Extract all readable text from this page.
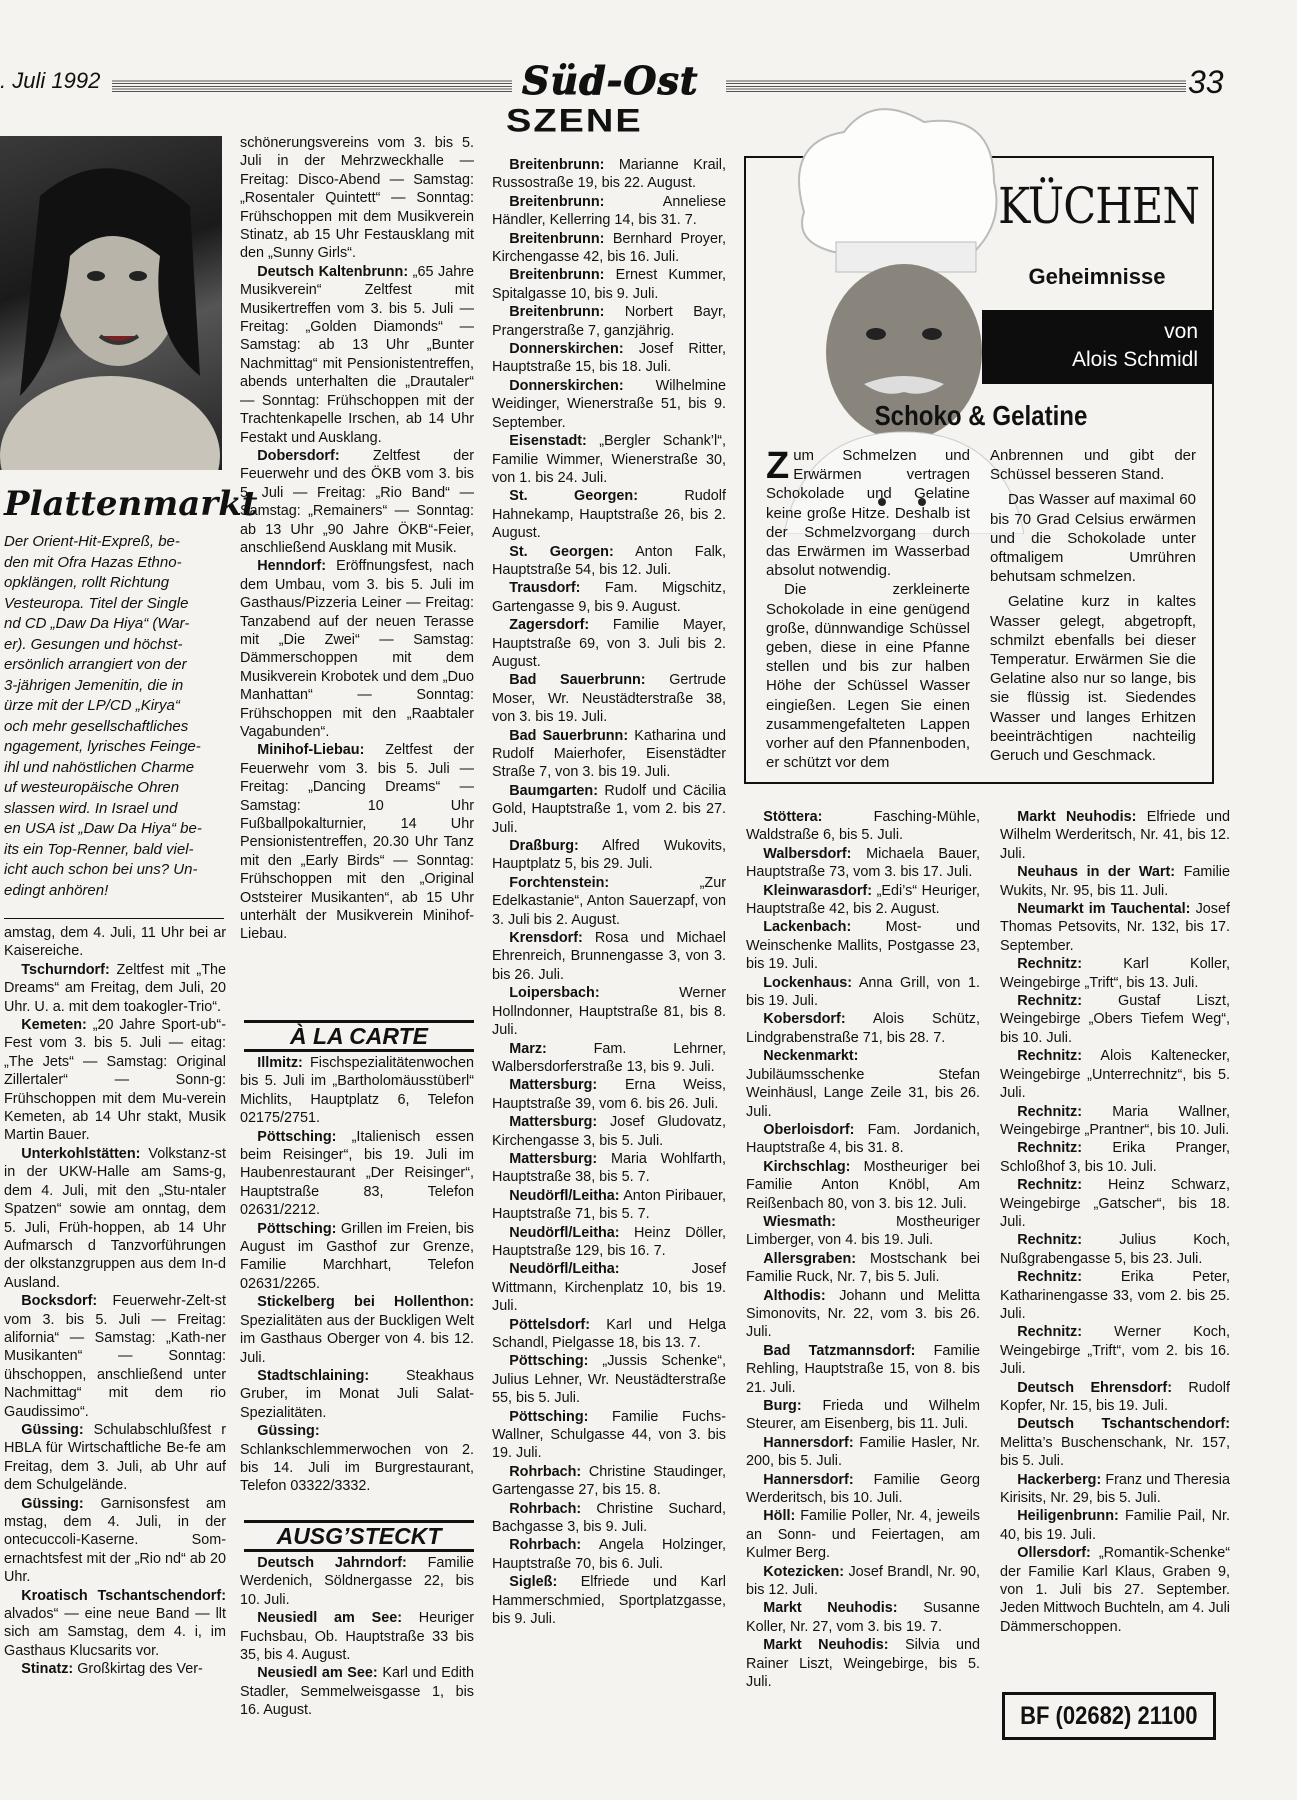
. Juli 1992	Süd-Ost
SZENE
33
Plattenmarkt
Der Orient-Hit-Expreß, be-
den mit Ofra Hazas Ethno-
opklängen, rollt Richtung
Vesteuropa. Titel der Single
nd CD „Daw Da Hiya“ (War-
er). Gesungen und höchst-
ersönlich arrangiert von der
3-jährigen Jemenitin, die in
ürze mit der LP/CD „Kirya“
och mehr gesellschaftliches
ngagement, lyrisches Feinge-
ihl und nahöstlichen Charme
uf westeuropäische Ohren
slassen wird. In Israel und
en USA ist „Daw Da Hiya“ be-
its ein Top-Renner, bald viel-
icht auch schon bei uns? Un-
edingt anhören!

amstag, dem 4. Juli, 11 Uhr bei ar Kaisereiche.

Tschurndorf: Zeltfest mit „The Dreams“ am Freitag, dem Juli, 20 Uhr. U. a. mit dem toakogler-Trio“.

Kemeten: „20 Jahre Sport-ub“-Fest vom 3. bis 5. Juli — eitag: „The Jets“ — Samstag: Original Zillertaler“ — Sonn-g: Frühschoppen mit dem Mu-verein Kemeten, ab 14 Uhr stakt, Musik Martin Bauer.

Unterkohlstätten: Volkstanz-st in der UKW-Halle am Sams-g, dem 4. Juli, mit den „Stu-ntaler Spatzen“ sowie am onntag, dem 5. Juli, Früh-hoppen, ab 14 Uhr Aufmarsch d Tanzvorführungen der olkstanzgruppen aus dem In-d Ausland.

Bocksdorf: Feuerwehr-Zelt-st vom 3. bis 5. Juli — Freitag: alifornia“ — Samstag: „Kath-ner Musikanten“ — Sonntag: ühschoppen, anschließend unter Nachmittag“ mit dem rio Gaudissimo“.

Güssing: Schulabschlußfest r HBLA für Wirtschaftliche Be-fe am Freitag, dem 3. Juli, ab Uhr auf dem Schulgelände.

Güssing: Garnisonsfest am mstag, dem 4. Juli, in der ontecuccoli-Kaserne. Som-ernachtsfest mit der „Rio nd“ ab 20 Uhr.

Kroatisch Tschantschendorf: alvados“ — eine neue Band — llt sich am Samstag, dem 4. i, im Gasthaus Klucsarits vor.

Stinatz: Großkirtag des Ver-

schönerungsvereins vom 3. bis 5. Juli in der Mehrzweckhalle — Freitag: Disco-Abend — Samstag: „Rosentaler Quintett“ — Sonntag: Frühschoppen mit dem Musikverein Stinatz, ab 15 Uhr Festausklang mit den „Sunny Girls“.

Deutsch Kaltenbrunn: „65 Jahre Musikverein“ Zeltfest mit Musikertreffen vom 3. bis 5. Juli — Freitag: „Golden Diamonds“ — Samstag: ab 13 Uhr „Bunter Nachmittag“ mit Pensionistentreffen, abends unterhalten die „Drautaler“ — Sonntag: Frühschoppen mit der Trachtenkapelle Irschen, ab 14 Uhr Festakt und Ausklang.

Dobersdorf: Zeltfest der Feuerwehr und des ÖKB vom 3. bis 5. Juli — Freitag: „Rio Band“ — Samstag: „Remainers“ — Sonntag: ab 13 Uhr „90 Jahre ÖKB“-Feier, anschließend Ausklang mit Musik.

Henndorf: Eröffnungsfest, nach dem Umbau, vom 3. bis 5. Juli im Gasthaus/Pizzeria Leiner — Freitag: Tanzabend auf der neuen Terasse mit „Die Zwei“ — Samstag: Dämmerschoppen mit dem Musikverein Krobotek und dem „Duo Manhattan“ — Sonntag: Frühschoppen mit den „Raabtaler Vagabunden“.

Minihof-Liebau: Zeltfest der Feuerwehr vom 3. bis 5. Juli — Freitag: „Dancing Dreams“ — Samstag: 10 Uhr Fußballpokalturnier, 14 Uhr Pensionistentreffen, 20.30 Uhr Tanz mit den „Early Birds“ — Sonntag: Frühschoppen mit den „Original Oststeirer Musikanten“, ab 15 Uhr unterhält der Musikverein Minihof-Liebau.

À LA CARTE

Illmitz: Fischspezialitätenwochen bis 5. Juli im „Bartholomäusstüberl“ Michlits, Hauptplatz 6, Telefon 02175/2751.

Pöttsching: „Italienisch essen beim Reisinger“, bis 19. Juli im Haubenrestaurant „Der Reisinger“, Hauptstraße 83, Telefon 02631/2212.

Pöttsching: Grillen im Freien, bis August im Gasthof zur Grenze, Familie Marchhart, Telefon 02631/2265.

Stickelberg bei Hollenthon: Spezialitäten aus der Buckligen Welt im Gasthaus Oberger von 4. bis 12. Juli.

Stadtschlaining:	Steakhaus Gruber, im Monat Juli Salat-Spezialitäten.

Güssing: Schlankschlemmerwochen von 2. bis 14. Juli im Burgrestaurant, Telefon 03322/3332.

AUSG’STECKT

Deutsch Jahrndorf: Familie Werdenich, Söldnergasse 22, bis 10. Juli.

Neusiedl am See: Heuriger Fuchsbau, Ob. Hauptstraße 33 bis 35, bis 4. August.

Neusiedl am See: Karl und Edith Stadler, Semmelweisgasse 1, bis 16. August.

Breitenbrunn: Marianne Krail, Russostraße 19, bis 22. August.

Breitenbrunn:	Anneliese Händler, Kellerring 14, bis 31. 7.

Breitenbrunn: Bernhard Proyer, Kirchengasse 42, bis 16. Juli.

Breitenbrunn: Ernest Kummer, Spitalgasse 10, bis 9. Juli.

Breitenbrunn: Norbert Bayr, Prangerstraße 7, ganzjährig.

Donnerskirchen: Josef Ritter, Hauptstraße 15, bis 18. Juli.

Donnerskirchen: Wilhelmine Weidinger, Wienerstraße 51, bis 9. September.

Eisenstadt: „Bergler Schank’l“, Familie Wimmer, Wienerstraße 30, von 1. bis 24. Juli.

St. Georgen:	Rudolf Hahnekamp, Hauptstraße 26, bis 2. August.

St. Georgen: Anton Falk, Hauptstraße 54, bis 12. Juli.

Trausdorf: Fam. Migschitz, Gartengasse 9, bis 9. August.

Zagersdorf: Familie Mayer, Hauptstraße 69, von 3. Juli bis 2. August.

Bad Sauerbrunn: Gertrude Moser, Wr. Neustädterstraße 38, von 3. bis 19. Juli.

Bad Sauerbrunn: Katharina und Rudolf Maierhofer, Eisenstädter Straße 7, von 3. bis 19. Juli.

Baumgarten: Rudolf und Cäcilia Gold, Hauptstraße 1, vom 2. bis 27. Juli.

Draßburg: Alfred Wukovits, Hauptplatz 5, bis 29. Juli.

Forchtenstein:	„Zur Edelkastanie“, Anton Sauerzapf, von 3. Juli bis 2. August.

Krensdorf: Rosa und Michael Ehrenreich, Brunnengasse 3, von 3. bis 26. Juli.

Loipersbach:	Werner Hollndonner, Hauptstraße 81, bis 8. Juli.

Marz:	Fam. Lehrner, Walbersdorferstraße 13, bis 9. Juli.

Mattersburg: Erna Weiss, Hauptstraße 39, vom 6. bis 26. Juli.

Mattersburg: Josef Gludovatz, Kirchengasse 3, bis 5. Juli.

Mattersburg: Maria Wohlfarth, Hauptstraße 38, bis 5. 7.

Neudörfl/Leitha: Anton Piribauer, Hauptstraße 71, bis 5. 7.

Neudörfl/Leitha: Heinz Döller, Hauptstraße 129, bis 16. 7.

Neudörfl/Leitha:	Josef Wittmann, Kirchenplatz 10, bis 19. Juli.

Pöttelsdorf: Karl und Helga Schandl, Pielgasse 18, bis 13. 7.

Pöttsching: „Jussis Schenke“, Julius Lehner, Wr. Neustädterstraße 55, bis 5. Juli.

Pöttsching: Familie Fuchs-Wallner, Schulgasse 44, von 3. bis 19. Juli.

Rohrbach: Christine Staudinger, Gartengasse 27, bis 15. 8.

Rohrbach: Christine Suchard, Bachgasse 3, bis 9. Juli.

Rohrbach: Angela Holzinger, Hauptstraße 70, bis 6. Juli.

Sigleß: Elfriede und Karl Hammerschmied, Sportplatzgasse, bis 9. Juli.

KÜCHEN
Geheimnisse
von
Alois Schmidl
Schoko & Gelatine

Zum Schmelzen und Erwärmen vertragen Schokolade und Gelatine keine große Hitze. Deshalb ist der Schmelzvorgang durch das Erwärmen im Wasserbad absolut notwendig.

Die zerkleinerte Schokolade in eine genügend große, dünnwandige Schüssel geben, diese in eine Pfanne stellen und bis zur halben Höhe der Schüssel Wasser eingießen. Legen Sie einen zusammengefalteten Lappen vorher auf den Pfannenboden, er schützt vor dem

Anbrennen und gibt der Schüssel besseren Stand.

Das Wasser auf maximal 60 bis 70 Grad Celsius erwärmen und die Schokolade unter oftmaligem Umrühren behutsam schmelzen.

Gelatine kurz in kaltes Wasser gelegt, abgetropft, schmilzt ebenfalls bei dieser Temperatur. Erwärmen Sie die Gelatine also nur so lange, bis sie flüssig ist. Siedendes Wasser und langes Erhitzen beeinträchtigen nachteilig Geruch und Geschmack.

Stöttera:	Fasching-Mühle, Waldstraße 6, bis 5. Juli.

Walbersdorf: Michaela Bauer, Hauptstraße 73, vom 3. bis 17. Juli.

Kleinwarasdorf: „Edi’s“ Heuriger, Hauptstraße 42, bis 2. August.

Lackenbach: Most- und Weinschenke Mallits, Postgasse 23, bis 19. Juli.

Lockenhaus: Anna Grill, von 1. bis 19. Juli.

Kobersdorf: Alois Schütz, Lindgrabenstraße 71, bis 28. 7.

Neckenmarkt: Jubiläumsschenke Stefan Weinhäusl, Lange Zeile 31, bis 26. Juli.

Oberloisdorf: Fam. Jordanich, Hauptstraße 4, bis 31. 8.

Kirchschlag: Mostheuriger bei Familie Anton Knöbl, Am Reißenbach 80, von 3. bis 12. Juli.

Wiesmath:	Mostheuriger Limberger, von 4. bis 19. Juli.

Allersgraben: Mostschank bei Familie Ruck, Nr. 7, bis 5. Juli.

Althodis: Johann und Melitta Simonovits, Nr. 22, vom 3. bis 26. Juli.

Bad Tatzmannsdorf: Familie Rehling, Hauptstraße 15, von 8. bis 21. Juli.

Burg: Frieda und Wilhelm Steurer, am Eisenberg, bis 11. Juli.

Hannersdorf: Familie Hasler, Nr. 200, bis 5. Juli.

Hannersdorf: Familie Georg Werderitsch, bis 10. Juli.

Höll: Familie Poller, Nr. 4, jeweils an Sonn- und Feiertagen, am Kulmer Berg.

Kotezicken: Josef Brandl, Nr. 90, bis 12. Juli.

Markt Neuhodis: Susanne Koller, Nr. 27, vom 3. bis 19. 7.

Markt Neuhodis: Silvia und Rainer Liszt, Weingebirge, bis 5. Juli.

Markt Neuhodis: Elfriede und Wilhelm Werderitsch, Nr. 41, bis 12. Juli.

Neuhaus in der Wart: Familie Wukits, Nr. 95, bis 11. Juli.

Neumarkt im Tauchental: Josef Thomas Petsovits, Nr. 132, bis 17. September.

Rechnitz:	Karl Koller, Weingebirge „Trift“, bis 13. Juli.

Rechnitz:	Gustaf Liszt, Weingebirge „Obers Tiefem Weg“, bis 10. Juli.

Rechnitz: Alois Kaltenecker, Weingebirge „Unterrechnitz“, bis 5. Juli.

Rechnitz: Maria Wallner, Weingebirge „Prantner“, bis 10. Juli.

Rechnitz: Erika Pranger, Schloßhof 3, bis 10. Juli.

Rechnitz: Heinz Schwarz, Weingebirge „Gatscher“, bis 18. Juli.

Rechnitz:	Julius Koch, Nußgrabengasse 5, bis 23. Juli.

Rechnitz:	Erika Peter, Katharinengasse 33, vom 2. bis 25. Juli.

Rechnitz: Werner Koch, Weingebirge „Trift“, vom 2. bis 16. Juli.

Deutsch Ehrensdorf: Rudolf Kopfer, Nr. 15, bis 19. Juli.

Deutsch Tschantschendorf: Melitta’s Buschenschank, Nr. 157, bis 5. Juli.

Hackerberg: Franz und Theresia Kirisits, Nr. 29, bis 5. Juli.

Heiligenbrunn: Familie Pail, Nr. 40, bis 19. Juli.

Ollersdorf: „Romantik-Schenke“ der Familie Karl Klaus, Graben 9, von 1. Juli bis 27. September. Jeden Mittwoch Buchteln, am 4. Juli Dämmerschoppen.

BF (02682) 21100
